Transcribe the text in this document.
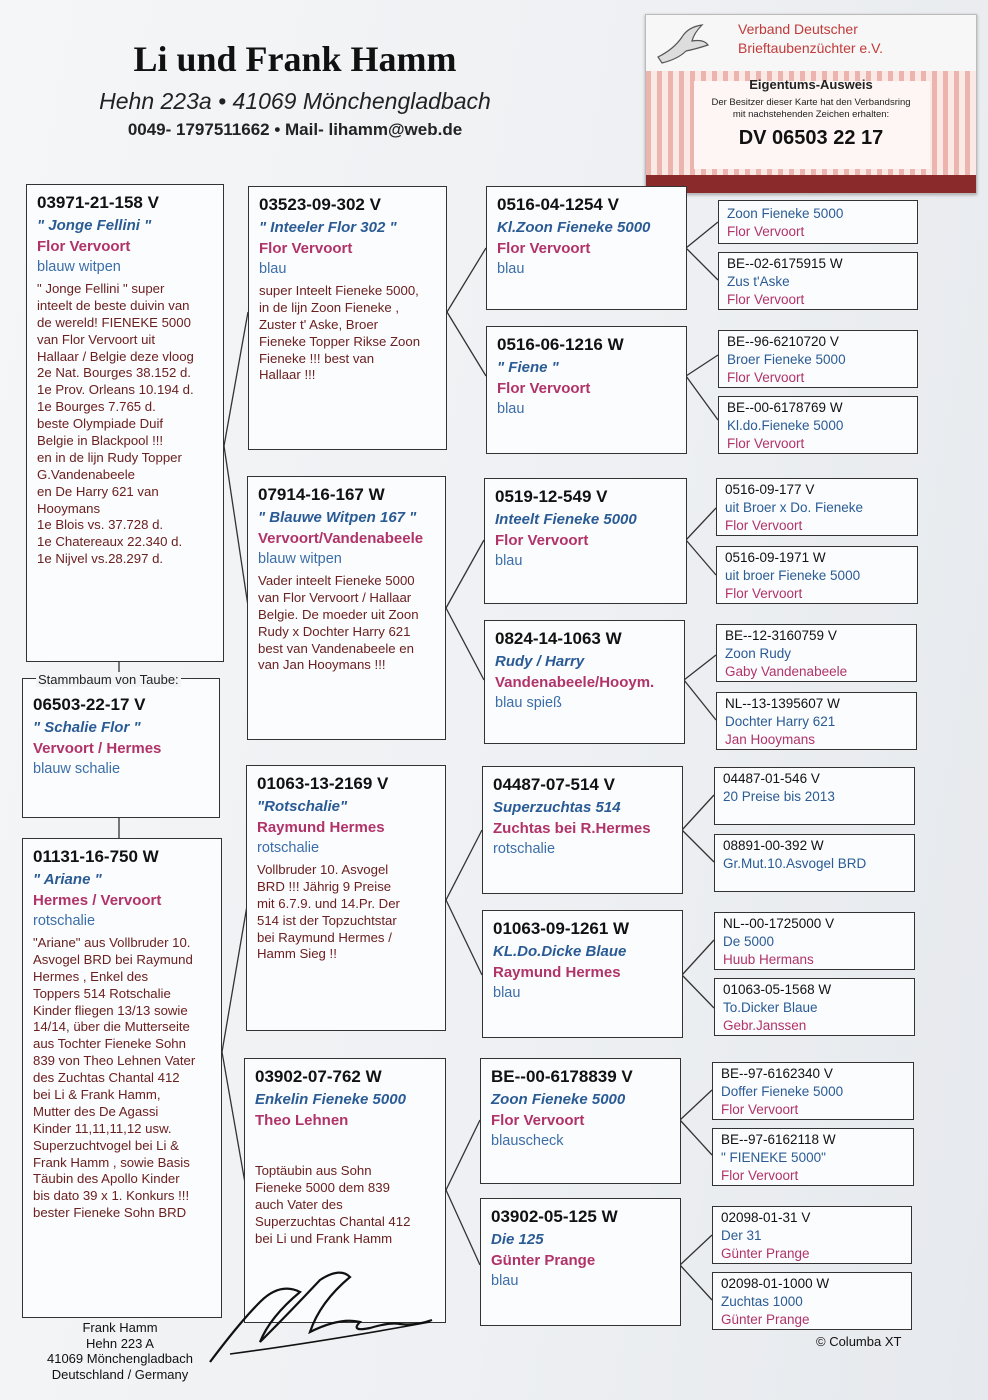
Li und Frank Hamm
Hehn 223a • 41069 Mönchengladbach
0049- 1797511662 • Mail- lihamm@web.de
Verband Deutscher
Brieftaubenzüchter e.V.
Eigentums-Ausweis
Der Besitzer dieser Karte hat den Verbandsring
mit nachstehenden Zeichen erhalten:
DV 06503 22 17
03971-21-158 V
" Jonge Fellini "
Flor Vervoort
blauw witpen
" Jonge Fellini " super
inteelt de beste duivin van
de wereld! FIENEKE 5000
van Flor Vervoort uit
Hallaar / Belgie deze vloog
2e Nat. Bourges 38.152 d.
1e Prov. Orleans 10.194 d.
1e Bourges 7.765 d.
beste Olympiade Duif
Belgie in Blackpool !!!
en in de lijn Rudy Topper
G.Vandenabeele
en De Harry 621 van
Hooymans
1e Blois vs. 37.728 d.
1e Chatereaux 22.340 d.
1e Nijvel vs.28.297 d.
06503-22-17 V
" Schalie Flor "
Vervoort / Hermes
blauw schalie
Stammbaum von Taube:
01131-16-750 W
" Ariane "
Hermes / Vervoort
rotschalie
"Ariane" aus Vollbruder 10.
Asvogel BRD bei Raymund
Hermes , Enkel des
Toppers 514 Rotschalie
Kinder fliegen 13/13 sowie
14/14, über die Mutterseite
aus Tochter Fieneke Sohn
839 von Theo Lehnen Vater
des Zuchtas Chantal 412
bei Li & Frank Hamm,
Mutter des De Agassi
Kinder 11,11,11,12 usw.
Superzuchtvogel bei Li &
Frank Hamm , sowie Basis
Täubin des Apollo Kinder
bis dato 39 x 1. Konkurs !!!
bester Fieneke Sohn BRD
03523-09-302 V
" Inteeler Flor 302 "
Flor Vervoort
blau
super Inteelt Fieneke 5000,
in de lijn Zoon Fieneke ,
Zuster t' Aske, Broer
Fieneke Topper Rikse Zoon
Fieneke !!! best van
Hallaar !!!
07914-16-167 W
" Blauwe Witpen 167 "
Vervoort/Vandenabeele
blauw witpen
Vader inteelt Fieneke 5000
van Flor Vervoort / Hallaar
Belgie. De moeder uit Zoon
Rudy x Dochter Harry 621
best van Vandenabeele en
van Jan Hooymans !!!
01063-13-2169 V
"Rotschalie"
Raymund Hermes
rotschalie
Vollbruder 10. Asvogel
BRD !!! Jährig 9 Preise
mit 6.7.9. und 14.Pr. Der
514 ist der Topzuchtstar
bei Raymund Hermes /
Hamm Sieg !!
03902-07-762 W
Enkelin Fieneke 5000
Theo Lehnen
Toptäubin aus Sohn
Fieneke 5000 dem 839
auch Vater des
Superzuchtas Chantal 412
bei Li und Frank Hamm
0516-04-1254 V
Kl.Zoon Fieneke 5000
Flor Vervoort
blau
0516-06-1216 W
" Fiene "
Flor Vervoort
blau
0519-12-549 V
Inteelt Fieneke 5000
Flor Vervoort
blau
0824-14-1063 W
Rudy / Harry
Vandenabeele/Hooym.
blau spieß
04487-07-514 V
Superzuchtas 514
Zuchtas bei R.Hermes
rotschalie
01063-09-1261 W
KL.Do.Dicke Blaue
Raymund Hermes
blau
BE--00-6178839 V
Zoon Fieneke 5000
Flor Vervoort
blauscheck
03902-05-125 W
Die 125
Günter Prange
blau
Zoon Fieneke 5000
Flor Vervoort
BE--02-6175915 W
Zus t'Aske
Flor Vervoort
BE--96-6210720 V
Broer Fieneke 5000
Flor Vervoort
BE--00-6178769 W
Kl.do.Fieneke 5000
Flor Vervoort
0516-09-177 V
uit Broer x Do. Fieneke
Flor Vervoort
0516-09-1971 W
uit broer Fieneke 5000
Flor Vervoort
BE--12-3160759 V
Zoon Rudy
Gaby Vandenabeele
NL--13-1395607 W
Dochter Harry 621
Jan Hooymans
04487-01-546 V
20 Preise bis 2013
08891-00-392 W
Gr.Mut.10.Asvogel BRD
NL--00-1725000 V
De 5000
Huub Hermans
01063-05-1568 W
To.Dicker Blaue
Gebr.Janssen
BE--97-6162340 V
Doffer Fieneke 5000
Flor Vervoort
BE--97-6162118 W
" FIENEKE 5000"
Flor Vervoort
02098-01-31 V
Der 31
Günter Prange
02098-01-1000 W
Zuchtas 1000
Günter Prange
Frank Hamm
Hehn 223 A
41069 Mönchengladbach
Deutschland / Germany
© Columba XT
